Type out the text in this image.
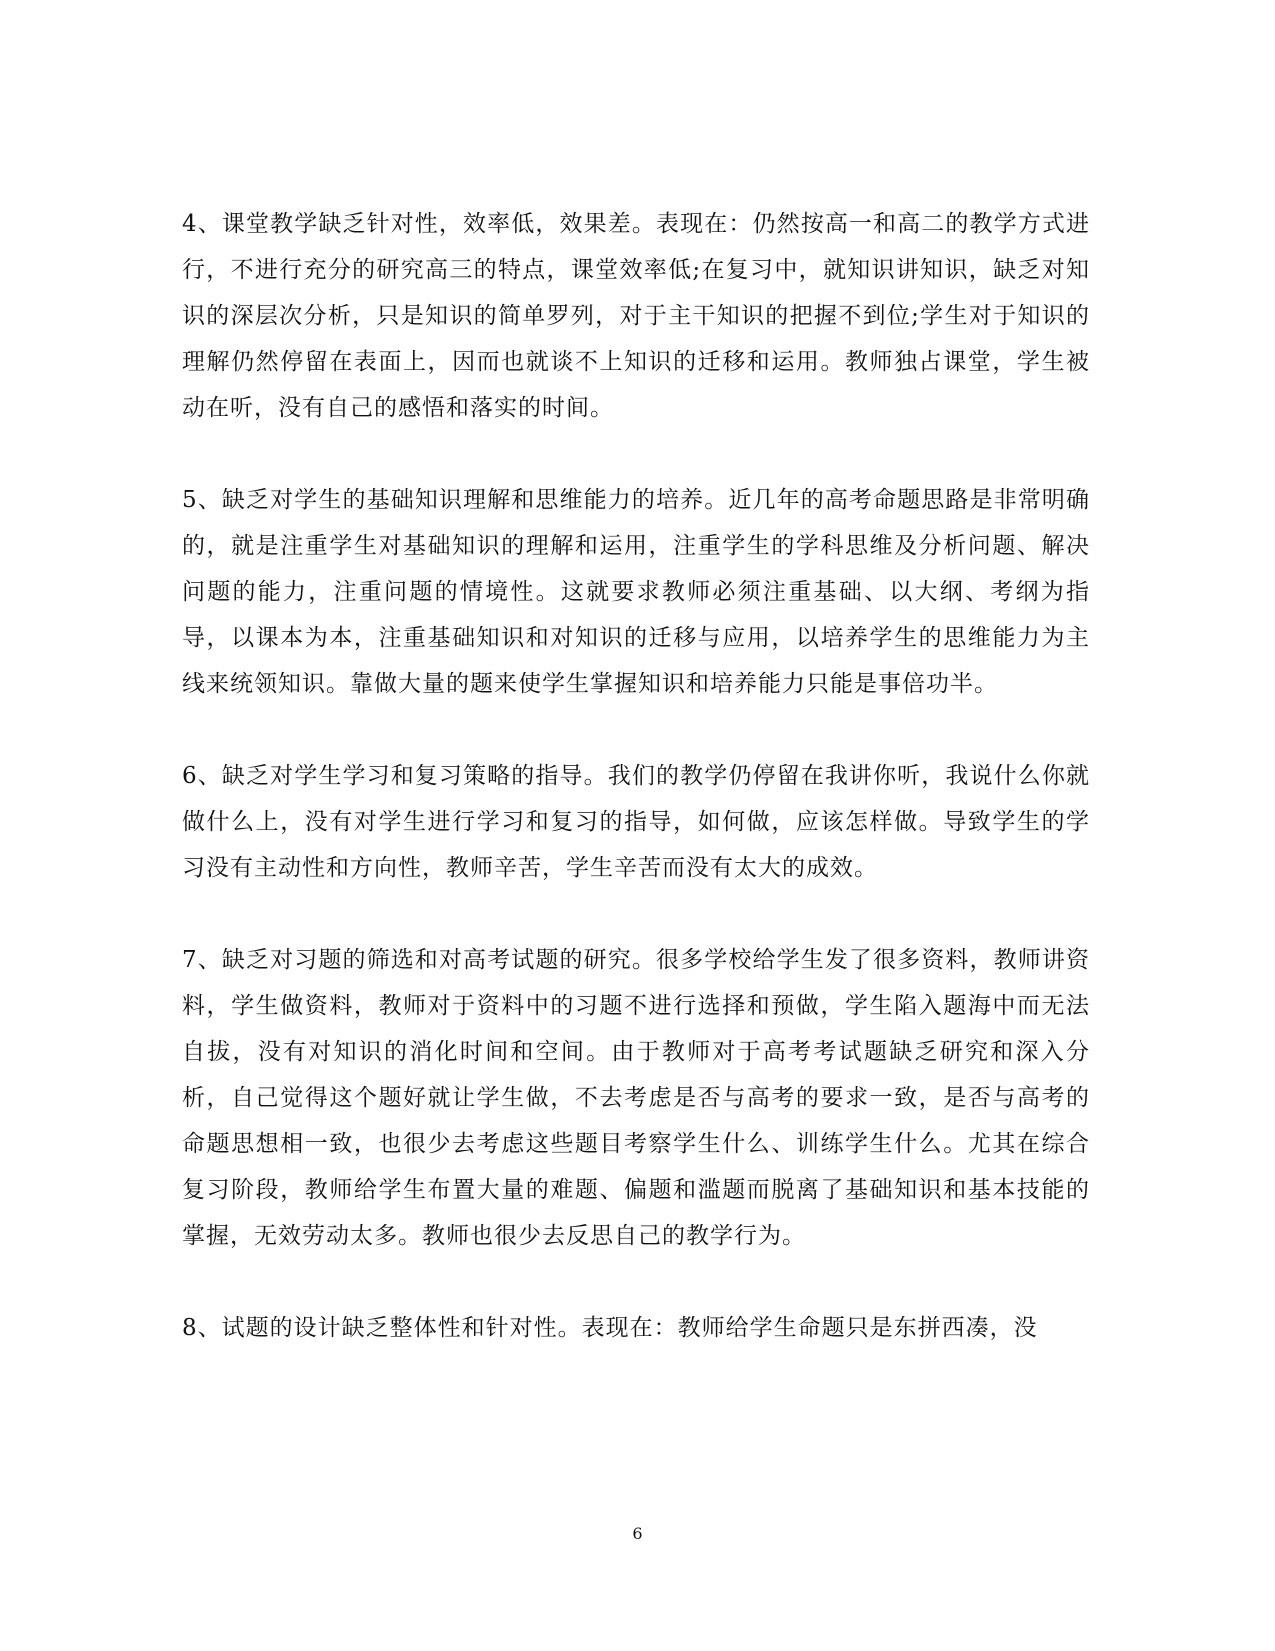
4、课堂教学缺乏针对性，效率低，效果差。表现在：仍然按高一和高二的教学方式进行，不进行充分的研究高三的特点，课堂效率低;在复习中，就知识讲知识，缺乏对知识的深层次分析，只是知识的简单罗列，对于主干知识的把握不到位;学生对于知识的理解仍然停留在表面上，因而也就谈不上知识的迁移和运用。教师独占课堂，学生被动在听，没有自己的感悟和落实的时间。

5、缺乏对学生的基础知识理解和思维能力的培养。近几年的高考命题思路是非常明确的，就是注重学生对基础知识的理解和运用，注重学生的学科思维及分析问题、解决问题的能力，注重问题的情境性。这就要求教师必须注重基础、以大纲、考纲为指导，以课本为本，注重基础知识和对知识的迁移与应用，以培养学生的思维能力为主线来统领知识。靠做大量的题来使学生掌握知识和培养能力只能是事倍功半。

6、缺乏对学生学习和复习策略的指导。我们的教学仍停留在我讲你听，我说什么你就做什么上，没有对学生进行学习和复习的指导，如何做，应该怎样做。导致学生的学习没有主动性和方向性，教师辛苦，学生辛苦而没有太大的成效。

7、缺乏对习题的筛选和对高考试题的研究。很多学校给学生发了很多资料，教师讲资料，学生做资料，教师对于资料中的习题不进行选择和预做，学生陷入题海中而无法自拔，没有对知识的消化时间和空间。由于教师对于高考考试题缺乏研究和深入分析，自己觉得这个题好就让学生做，不去考虑是否与高考的要求一致，是否与高考的命题思想相一致，也很少去考虑这些题目考察学生什么、训练学生什么。尤其在综合复习阶段，教师给学生布置大量的难题、偏题和滥题而脱离了基础知识和基本技能的掌握，无效劳动太多。教师也很少去反思自己的教学行为。

8、试题的设计缺乏整体性和针对性。表现在：教师给学生命题只是东拼西凑，没

6
